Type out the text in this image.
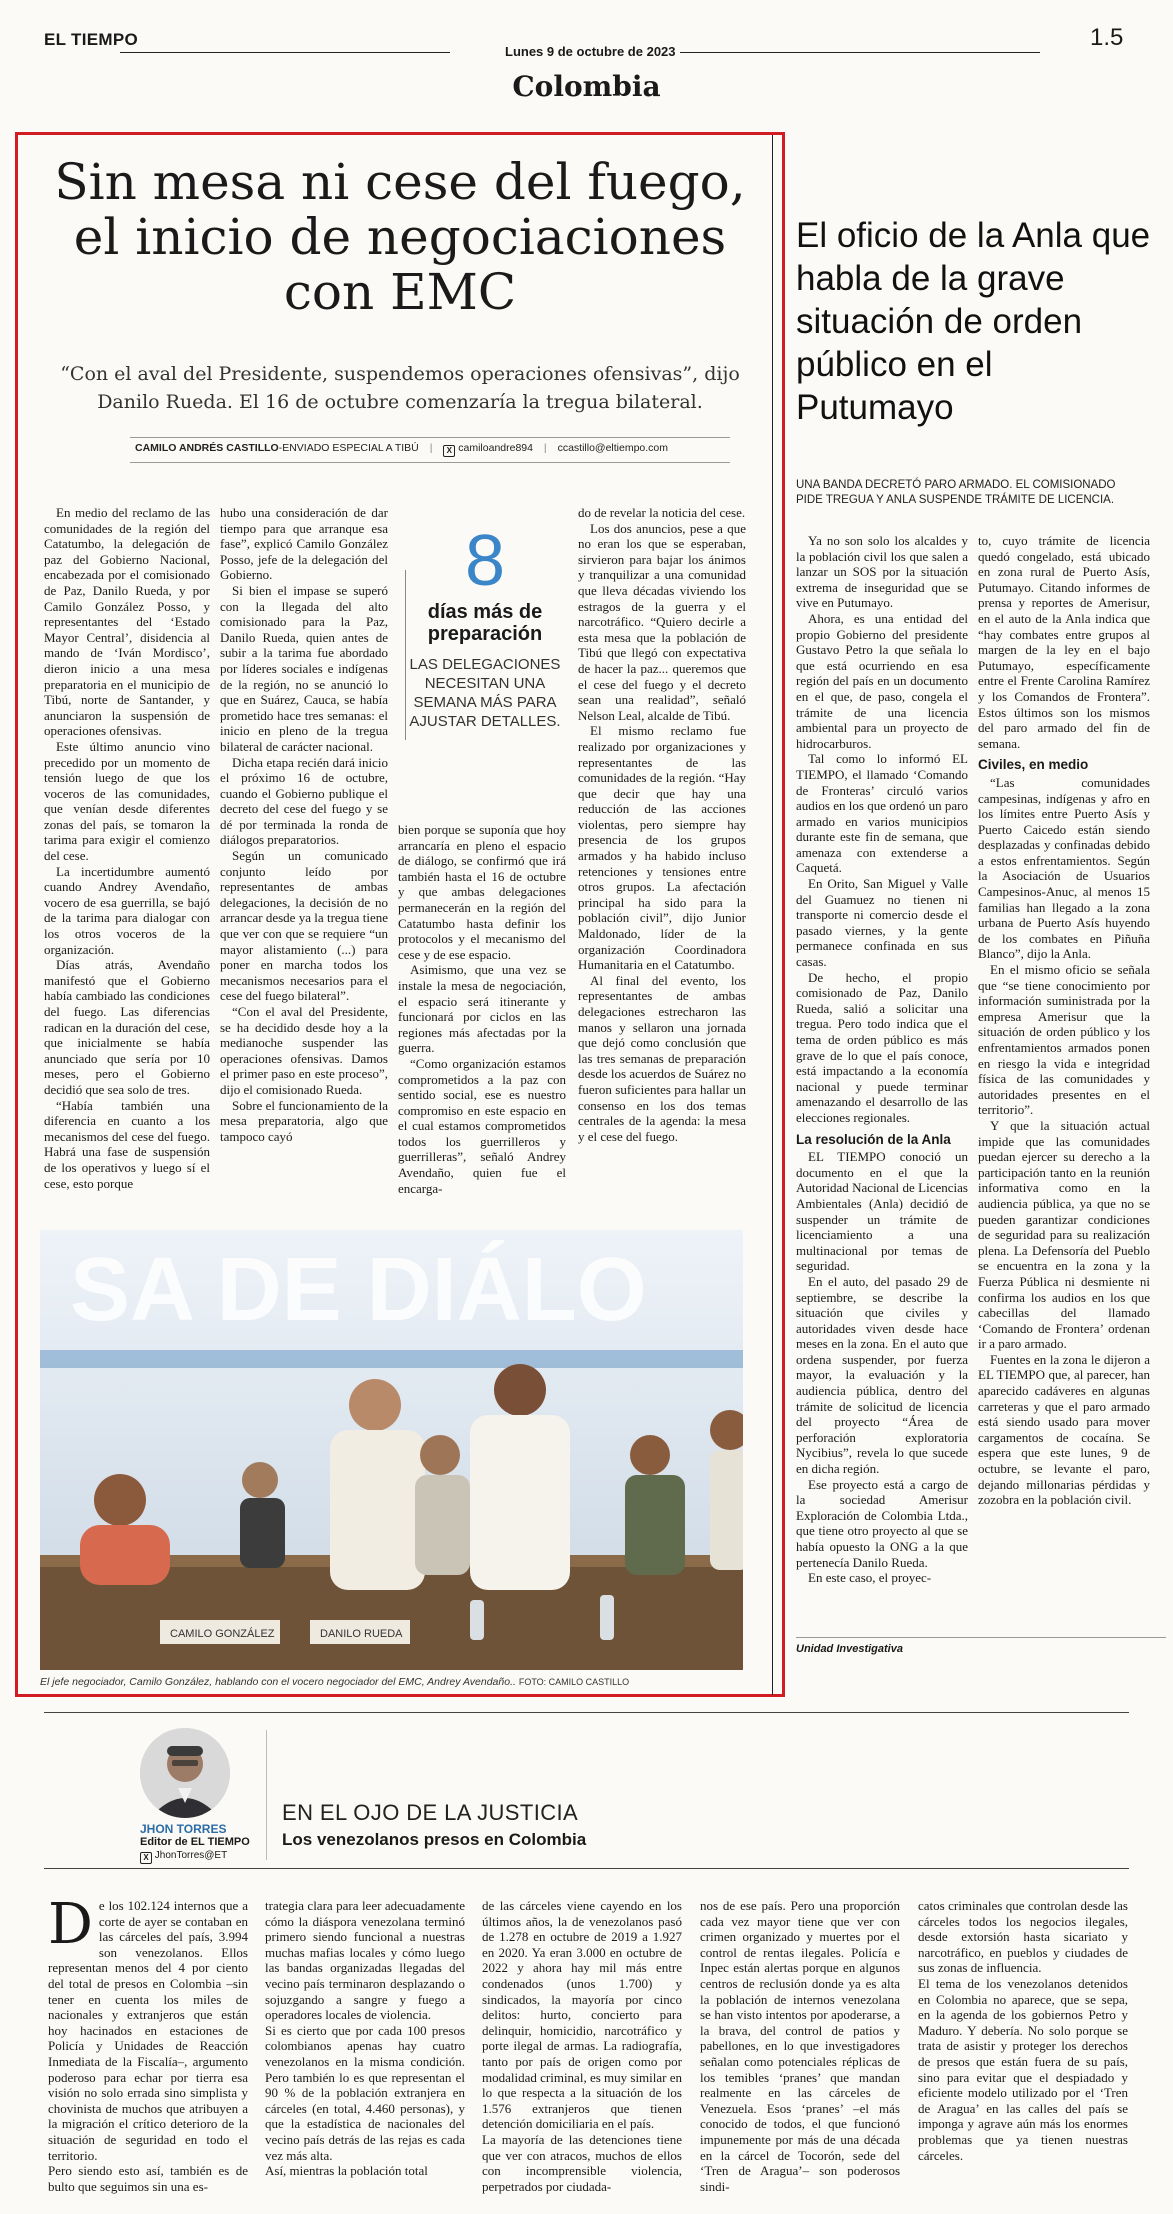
EL TIEMPO
Lunes 9 de octubre de 2023
1.5
Colombia
Sin mesa ni cese del fuego, el inicio de negociaciones con EMC

“Con el aval del Presidente, suspendemos operaciones ofensivas”, dijo Danilo Rueda. El 16 de octubre comenzaría la tregua bilateral.

CAMILO ANDRÉS CASTILLO-ENVIADO ESPECIAL A TIBÚ | X camiloandre894 | ccastillo@eltiempo.com

En medio del reclamo de las comunidades de la región del Catatumbo, la delegación de paz del Gobierno Nacional, encabezada por el comisionado de Paz, Danilo Rueda, y por Camilo González Posso, y representantes del ‘Estado Mayor Central’, disidencia al mando de ‘Iván Mordisco’, dieron inicio a una mesa preparatoria en el municipio de Tibú, norte de Santander, y anunciaron la suspensión de operaciones ofensivas.

Este último anuncio vino precedido por un momento de tensión luego de que los voceros de las comunidades, que venían desde diferentes zonas del país, se tomaron la tarima para exigir el comienzo del cese.

La incertidumbre aumentó cuando Andrey Avendaño, vocero de esa guerrilla, se bajó de la tarima para dialogar con los otros voceros de la organización.

Días atrás, Avendaño manifestó que el Gobierno había cambiado las condiciones del fuego. Las diferencias radican en la duración del cese, que inicialmente se había anunciado que sería por 10 meses, pero el Gobierno decidió que sea solo de tres.

“Había también una diferencia en cuanto a los mecanismos del cese del fuego. Habrá una fase de suspensión de los operativos y luego sí el cese, esto porque

hubo una consideración de dar tiempo para que arranque esa fase”, explicó Camilo González Posso, jefe de la delegación del Gobierno.

Si bien el impase se superó con la llegada del alto comisionado para la Paz, Danilo Rueda, quien antes de subir a la tarima fue abordado por líderes sociales e indígenas de la región, no se anunció lo que en Suárez, Cauca, se había prometido hace tres semanas: el inicio en pleno de la tregua bilateral de carácter nacional.

Dicha etapa recién dará inicio el próximo 16 de octubre, cuando el Gobierno publique el decreto del cese del fuego y se dé por terminada la ronda de diálogos preparatorios.

Según un comunicado conjunto leído por representantes de ambas delegaciones, la decisión de no arrancar desde ya la tregua tiene que ver con que se requiere “un mayor alistamiento (...) para poner en marcha todos los mecanismos necesarios para el cese del fuego bilateral”.

“Con el aval del Presidente, se ha decidido desde hoy a la medianoche suspender las operaciones ofensivas. Damos el primer paso en este proceso”, dijo el comisionado Rueda.

Sobre el funcionamiento de la mesa preparatoria, algo que tampoco cayó

8
días más de preparación
LAS DELEGACIONES NECESITAN UNA SEMANA MÁS PARA AJUSTAR DETALLES.

bien porque se suponía que hoy arrancaría en pleno el espacio de diálogo, se confirmó que irá también hasta el 16 de octubre y que ambas delegaciones permanecerán en la región del Catatumbo hasta definir los protocolos y el mecanismo del cese y de ese espacio.

Asimismo, que una vez se instale la mesa de negociación, el espacio será itinerante y funcionará por ciclos en las regiones más afectadas por la guerra.

“Como organización estamos comprometidos a la paz con sentido social, ese es nuestro compromiso en este espacio en el cual estamos comprometidos todos los guerrilleros y guerrilleras”, señaló Andrey Avendaño, quien fue el encarga-

do de revelar la noticia del cese.

Los dos anuncios, pese a que no eran los que se esperaban, sirvieron para bajar los ánimos y tranquilizar a una comunidad que lleva décadas viviendo los estragos de la guerra y el narcotráfico. “Quiero decirle a esta mesa que la población de Tibú que llegó con expectativa de hacer la paz... queremos que el cese del fuego y el decreto sean una realidad”, señaló Nelson Leal, alcalde de Tibú.

El mismo reclamo fue realizado por organizaciones y representantes de las comunidades de la región. “Hay que decir que hay una reducción de las acciones violentas, pero siempre hay presencia de los grupos armados y ha habido incluso retenciones y tensiones entre otros grupos. La afectación principal ha sido para la población civil”, dijo Junior Maldonado, líder de la organización Coordinadora Humanitaria en el Catatumbo.

Al final del evento, los representantes de ambas delegaciones estrecharon las manos y sellaron una jornada que dejó como conclusión que las tres semanas de preparación desde los acuerdos de Suárez no fueron suficientes para hallar un consenso en los dos temas centrales de la agenda: la mesa y el cese del fuego.

SA DE DIÁLO
CAMILO GONZÁLEZ	DANILO RUEDA
El jefe negociador, Camilo González, hablando con el vocero negociador del EMC, Andrey Avendaño.. FOTO: CAMILO CASTILLO
El oficio de la Anla que habla de la grave situación de orden público en el Putumayo

UNA BANDA DECRETÓ PARO ARMADO. EL COMISIONADO PIDE TREGUA Y ANLA SUSPENDE TRÁMITE DE LICENCIA.

Ya no son solo los alcaldes y la población civil los que salen a lanzar un SOS por la situación extrema de inseguridad que se vive en Putumayo.

Ahora, es una entidad del propio Gobierno del presidente Gustavo Petro la que señala lo que está ocurriendo en esa región del país en un documento en el que, de paso, congela el trámite de una licencia ambiental para un proyecto de hidrocarburos.

Tal como lo informó EL TIEMPO, el llamado ‘Comando de Fronteras’ circuló varios audios en los que ordenó un paro armado en varios municipios durante este fin de semana, que amenaza con extenderse a Caquetá.

En Orito, San Miguel y Valle del Guamuez no tienen ni transporte ni comercio desde el pasado viernes, y la gente permanece confinada en sus casas.

De hecho, el propio comisionado de Paz, Danilo Rueda, salió a solicitar una tregua. Pero todo indica que el tema de orden público es más grave de lo que el país conoce, está impactando a la economía nacional y puede terminar amenazando el desarrollo de las elecciones regionales.

La resolución de la Anla

EL TIEMPO conoció un documento en el que la Autoridad Nacional de Licencias Ambientales (Anla) decidió de suspender un trámite de licenciamiento a una multinacional por temas de seguridad.

En el auto, del pasado 29 de septiembre, se describe la situación que civiles y autoridades viven desde hace meses en la zona. En el auto que ordena suspender, por fuerza mayor, la evaluación y la audiencia pública, dentro del trámite de solicitud de licencia del proyecto “Área de perforación exploratoria Nycibius”, revela lo que sucede en dicha región.

Ese proyecto está a cargo de la sociedad Amerisur Exploración de Colombia Ltda., que tiene otro proyecto al que se había opuesto la ONG a la que pertenecía Danilo Rueda.

En este caso, el proyec-

to, cuyo trámite de licencia quedó congelado, está ubicado en zona rural de Puerto Asís, Putumayo. Citando informes de prensa y reportes de Amerisur, en el auto de la Anla indica que “hay combates entre grupos al margen de la ley en el bajo Putumayo, específicamente entre el Frente Carolina Ramírez y los Comandos de Frontera”. Estos últimos son los mismos del paro armado del fin de semana.

Civiles, en medio

“Las comunidades campesinas, indígenas y afro en los límites entre Puerto Asís y Puerto Caicedo están siendo desplazadas y confinadas debido a estos enfrentamientos. Según la Asociación de Usuarios Campesinos-Anuc, al menos 15 familias han llegado a la zona urbana de Puerto Asís huyendo de los combates en Piñuña Blanco”, dijo la Anla.

En el mismo oficio se señala que “se tiene conocimiento por información suministrada por la empresa Amerisur que la situación de orden público y los enfrentamientos armados ponen en riesgo la vida e integridad física de las comunidades y autoridades presentes en el territorio”.

Y que la situación actual impide que las comunidades puedan ejercer su derecho a la participación tanto en la reunión informativa como en la audiencia pública, ya que no se pueden garantizar condiciones de seguridad para su realización plena. La Defensoría del Pueblo se encuentra en la zona y la Fuerza Pública ni desmiente ni confirma los audios en los que cabecillas del llamado ‘Comando de Frontera’ ordenan ir a paro armado.

Fuentes en la zona le dijeron a EL TIEMPO que, al parecer, han aparecido cadáveres en algunas carreteras y que el paro armado está siendo usado para mover cargamentos de cocaína. Se espera que este lunes, 9 de octubre, se levante el paro, dejando millonarias pérdidas y zozobra en la población civil.

Unidad Investigativa
JHON TORRES
Editor de EL TIEMPO
X JhonTorres@ET
EN EL OJO DE LA JUSTICIA
Los venezolanos presos en Colombia
D e los 102.124 internos que a corte de ayer se contaban en las cárceles del país, 3.994 son venezolanos. Ellos representan menos del 4 por ciento del total de presos en Colombia –sin tener en cuenta los miles de nacionales y extranjeros que están hoy hacinados en estaciones de Policía y Unidades de Reacción Inmediata de la Fiscalía–, argumento poderoso para echar por tierra esa visión no solo errada sino simplista y chovinista de muchos que atribuyen a la migración el crítico deterioro de la situación de seguridad en todo el territorio.

Pero siendo esto así, también es de bulto que seguimos sin una es-

trategia clara para leer adecuadamente cómo la diáspora venezolana terminó primero siendo funcional a nuestras muchas mafias locales y cómo luego las bandas organizadas llegadas del vecino país terminaron desplazando o sojuzgando a sangre y fuego a operadores locales de violencia.

Si es cierto que por cada 100 presos colombianos apenas hay cuatro venezolanos en la misma condición. Pero también lo es que representan el 90 % de la población extranjera en cárceles (en total, 4.460 personas), y que la estadística de nacionales del vecino país detrás de las rejas es cada vez más alta.

Así, mientras la población total

de las cárceles viene cayendo en los últimos años, la de venezolanos pasó de 1.278 en octubre de 2019 a 1.927 en 2020. Ya eran 3.000 en octubre de 2022 y ahora hay mil más entre condenados (unos 1.700) y sindicados, la mayoría por cinco delitos: hurto, concierto para delinquir, homicidio, narcotráfico y porte ilegal de armas. La radiografía, tanto por país de origen como por modalidad criminal, es muy similar en lo que respecta a la situación de los 1.576 extranjeros que tienen detención domiciliaria en el país.

La mayoría de las detenciones tiene que ver con atracos, muchos de ellos con incomprensible violencia, perpetrados por ciudada-

nos de ese país. Pero una proporción cada vez mayor tiene que ver con crimen organizado y muertes por el control de rentas ilegales. Policía e Inpec están alertas porque en algunos centros de reclusión donde ya es alta la población de internos venezolana se han visto intentos por apoderarse, a la brava, del control de patios y pabellones, en lo que investigadores señalan como potenciales réplicas de los temibles ‘pranes’ que mandan realmente en las cárceles de Venezuela. Esos ‘pranes’ –el más conocido de todos, el que funcionó impunemente por más de una década en la cárcel de Tocorón, sede del ‘Tren de Aragua’– son poderosos sindi-

catos criminales que controlan desde las cárceles todos los negocios ilegales, desde extorsión hasta sicariato y narcotráfico, en pueblos y ciudades de sus zonas de influencia.

El tema de los venezolanos detenidos en Colombia no aparece, que se sepa, en la agenda de los gobiernos Petro y Maduro. Y debería. No solo porque se trata de asistir y proteger los derechos de presos que están fuera de su país, sino para evitar que el despiadado y eficiente modelo utilizado por el ‘Tren de Aragua’ en las calles del país se imponga y agrave aún más los enormes problemas que ya tienen nuestras cárceles.
